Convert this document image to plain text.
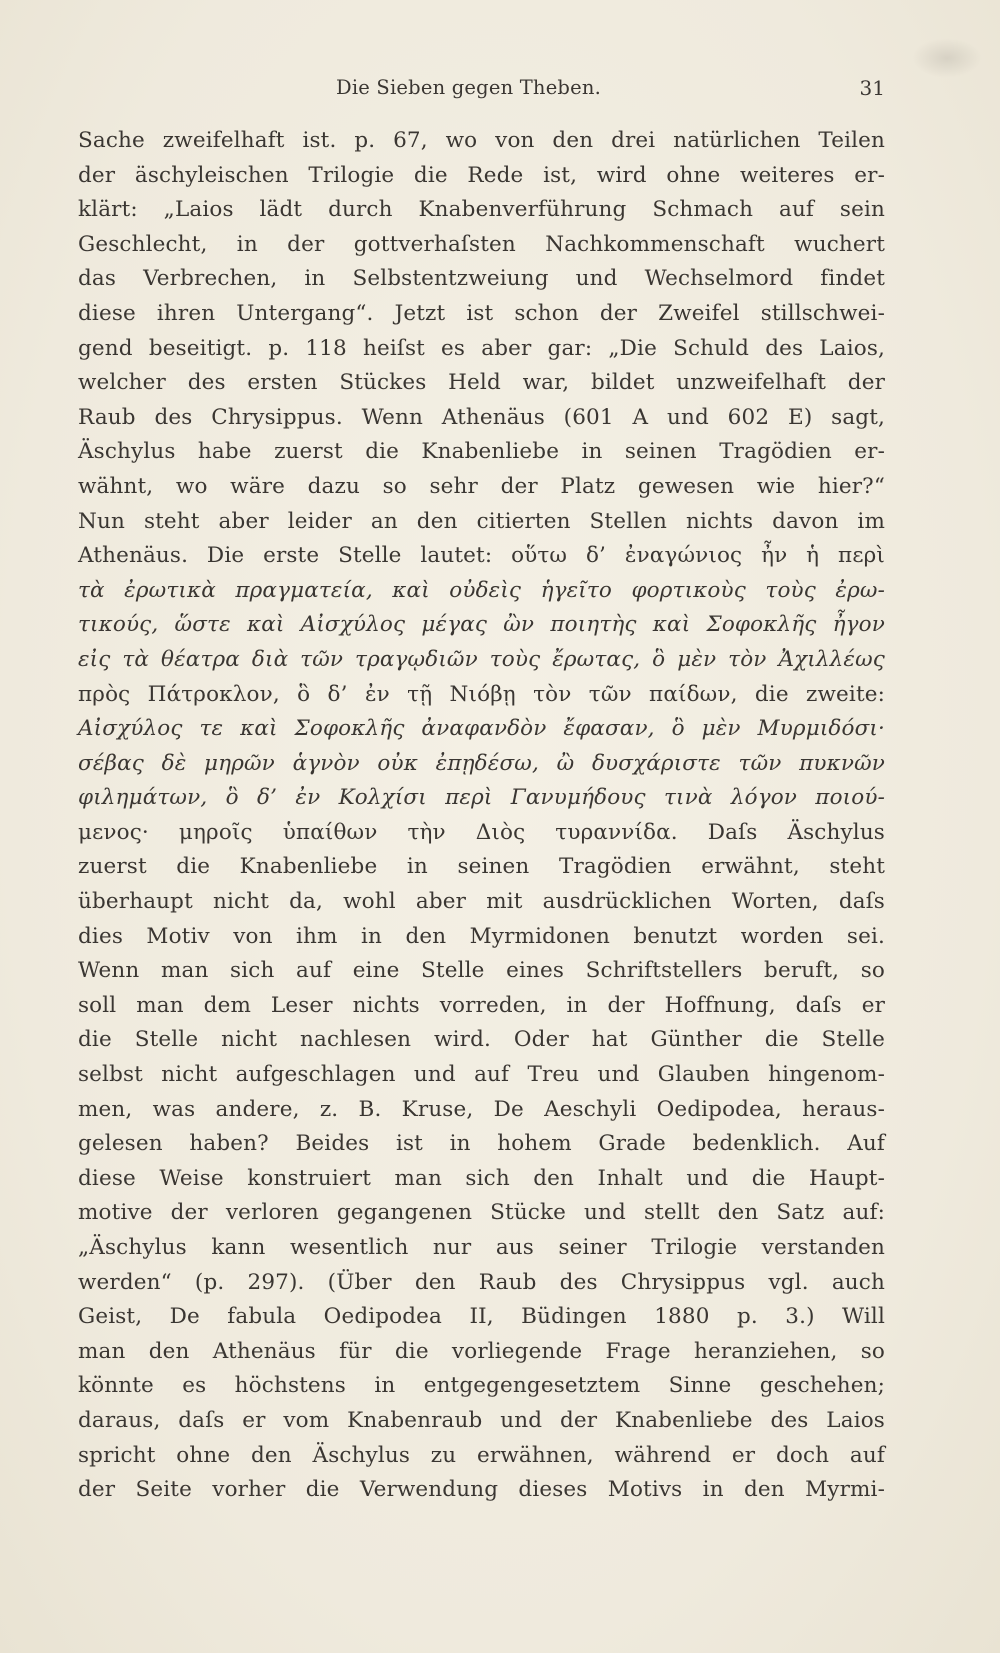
Die Sieben gegen Theben.	31
Sache zweifelhaft ist. p. 67, wo von den drei natürlichen Teilen
der äschyleischen Trilogie die Rede ist, wird ohne weiteres er-
klärt: „Laios lädt durch Knabenverführung Schmach auf sein
Geschlecht, in der gottverhaſsten Nachkommenschaft wuchert
das Verbrechen, in Selbstentzweiung und Wechselmord findet
diese ihren Untergang“. Jetzt ist schon der Zweifel stillschwei-
gend beseitigt. p. 118 heiſst es aber gar: „Die Schuld des Laios,
welcher des ersten Stückes Held war, bildet unzweifelhaft der
Raub des Chrysippus. Wenn Athenäus (601 A und 602 E) sagt,
Äschylus habe zuerst die Knabenliebe in seinen Tragödien er-
wähnt, wo wäre dazu so sehr der Platz gewesen wie hier?“
Nun steht aber leider an den citierten Stellen nichts davon im
Athenäus. Die erste Stelle lautet: οὕτω δ’ ἐναγώνιος ἦν ἡ περὶ
τὰ ἐρωτικὰ πραγματεία, καὶ οὐδεὶς ἡγεῖτο φορτικοὺς τοὺς ἐρω-
τικούς, ὥστε καὶ Αἰσχύλος μέγας ὢν ποιητὴς καὶ Σοφοκλῆς ἦγον
εἰς τὰ θέατρα διὰ τῶν τραγῳδιῶν τοὺς ἔρωτας, ὃ μὲν τὸν Ἀχιλλέως
πρὸς Πάτροκλον, ὃ δ’ ἐν τῇ Νιόβῃ τὸν τῶν παίδων, die zweite:
Αἰσχύλος τε καὶ Σοφοκλῆς ἀναφανδὸν ἔφασαν, ὃ μὲν Μυρμιδόσι·
σέβας δὲ μηρῶν ἁγνὸν οὐκ ἐπῃδέσω, ὢ δυσχάριστε τῶν πυκνῶν
φιλημάτων, ὃ δ’ ἐν Κολχίσι περὶ Γανυμήδους τινὰ λόγον ποιού-
μενος· μηροῖς ὑπαίθων τὴν Διὸς τυραννίδα. Daſs Äschylus
zuerst die Knabenliebe in seinen Tragödien erwähnt, steht
überhaupt nicht da, wohl aber mit ausdrücklichen Worten, daſs
dies Motiv von ihm in den Myrmidonen benutzt worden sei.
Wenn man sich auf eine Stelle eines Schriftstellers beruft, so
soll man dem Leser nichts vorreden, in der Hoffnung, daſs er
die Stelle nicht nachlesen wird. Oder hat Günther die Stelle
selbst nicht aufgeschlagen und auf Treu und Glauben hingenom-
men, was andere, z. B. Kruse, De Aeschyli Oedipodea, heraus-
gelesen haben? Beides ist in hohem Grade bedenklich. Auf
diese Weise konstruiert man sich den Inhalt und die Haupt-
motive der verloren gegangenen Stücke und stellt den Satz auf:
„Äschylus kann wesentlich nur aus seiner Trilogie verstanden
werden“ (p. 297). (Über den Raub des Chrysippus vgl. auch
Geist, De fabula Oedipodea II, Büdingen 1880 p. 3.) Will
man den Athenäus für die vorliegende Frage heranziehen, so
könnte es höchstens in entgegengesetztem Sinne geschehen;
daraus, daſs er vom Knabenraub und der Knabenliebe des Laios
spricht ohne den Äschylus zu erwähnen, während er doch auf
der Seite vorher die Verwendung dieses Motivs in den Myrmi-
